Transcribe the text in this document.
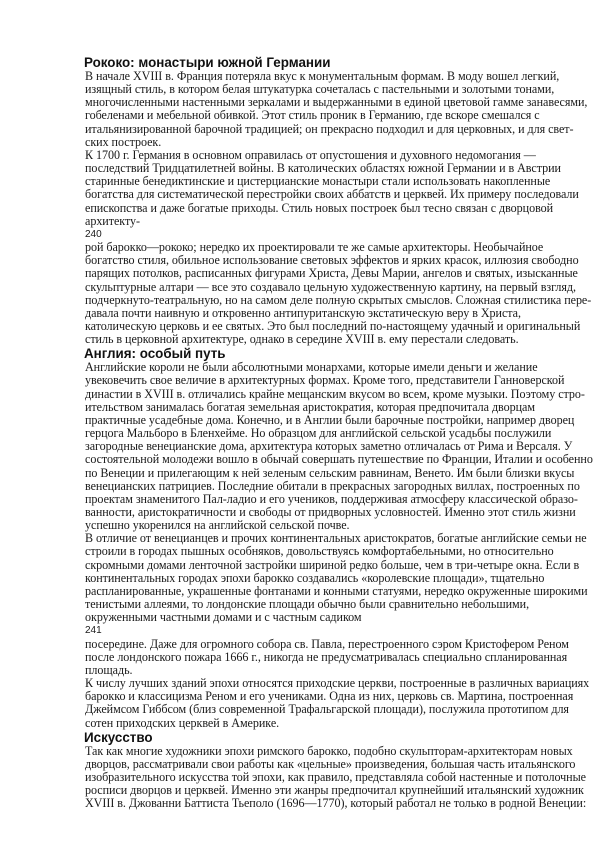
Рококо: монастыри южной Германии
В начале XVIII в. Франция потеряла вкус к монументальным формам. В моду вошел легкий,
изящный стиль, в котором белая штукатурка сочеталась с пастельными и золотыми тонами,
многочисленными настенными зеркалами и выдержанными в единой цветовой гамме занавесями,
гобеленами и мебельной обивкой. Этот стиль проник в Германию, где вскоре смешался с
итальянизированной барочной традицией; он прекрасно подходил и для церковных, и для свет-
ских построек.
К 1700 г. Германия в основном оправилась от опустошения и духовного недомогания —
последствий Тридцатилетней войны. В католических областях южной Германии и в Австрии
старинные бенедиктинские и цистерцианские монастыри стали использовать накопленные
богатства для систематической перестройки своих аббатств и церквей. Их примеру последовали
епископства и даже богатые приходы. Стиль новых построек был тесно связан с дворцовой
архитекту-
240
рой барокко—рококо; нередко их проектировали те же самые архитекторы. Необычайное
богатство стиля, обильное использование световых эффектов и ярких красок, иллюзия свободно
парящих потолков, расписанных фигурами Христа, Девы Марии, ангелов и святых, изысканные
скульптурные алтари — все это создавало цельную художественную картину, на первый взгляд,
подчеркнуто-театральную, но на самом деле полную скрытых смыслов. Сложная стилистика пере-
давала почти наивную и откровенно антипуританскую экстатическую веру в Христа,
католическую церковь и ее святых. Это был последний по-настоящему удачный и оригинальный
стиль в церковной архитектуре, однако в середине XVIII в. ему перестали следовать.
Англия: особый путь
Английские короли не были абсолютными монархами, которые имели деньги и желание
увековечить свое величие в архитектурных формах. Кроме того, представители Ганноверской
династии в XVIII в. отличались крайне мещанским вкусом во всем, кроме музыки. Поэтому стро-
ительством занималась богатая земельная аристократия, которая предпочитала дворцам
практичные усадебные дома. Конечно, и в Англии были барочные постройки, например дворец
герцога Мальборо в Бленхейме. Но образцом для английской сельской усадьбы послужили
загородные венецианские дома, архитектура которых заметно отличалась от Рима и Версаля. У
состоятельной молодежи вошло в обычай совершать путешествие по Франции, Италии и особенно
по Венеции и прилегающим к ней зеленым сельским равнинам, Венето. Им были близки вкусы
венецианских патрициев. Последние обитали в прекрасных загородных виллах, построенных по
проектам знаменитого Пал-ладио и его учеников, поддерживая атмосферу классической образо-
ванности, аристократичности и свободы от придворных условностей. Именно этот стиль жизни
успешно укоренился на английской сельской почве.
В отличие от венецианцев и прочих континентальных аристократов, богатые английские семьи не
строили в городах пышных особняков, довольствуясь комфортабельными, но относительно
скромными домами ленточной застройки шириной редко больше, чем в три-четыре окна. Если в
континентальных городах эпохи барокко создавались «королевские площади», тщательно
распланированные, украшенные фонтанами и конными статуями, нередко окруженные широкими
тенистыми аллеями, то лондонские площади обычно были сравнительно небольшими,
окруженными частными домами и с частным садиком
241
посередине. Даже для огромного собора св. Павла, перестроенного сэром Кристофером Реном
после лондонского пожара 1666 г., никогда не предусматривалась специально спланированная
площадь.
К числу лучших зданий эпохи относятся приходские церкви, построенные в различных вариациях
барокко и классицизма Реном и его учениками. Одна из них, церковь св. Мартина, построенная
Джеймсом Гиббсом (близ современной Трафальгарской площади), послужила прототипом для
сотен приходских церквей в Америке.
Искусство
Так как многие художники эпохи римского барокко, подобно скульпторам-архитекторам новых
дворцов, рассматривали свои работы как «цельные» произведения, большая часть итальянского
изобразительного искусства той эпохи, как правило, представляла собой настенные и потолочные
росписи дворцов и церквей. Именно эти жанры предпочитал крупнейший итальянский художник
XVIII в. Джованни Баттиста Тьеполо (1696—1770), который работал не только в родной Венеции:
